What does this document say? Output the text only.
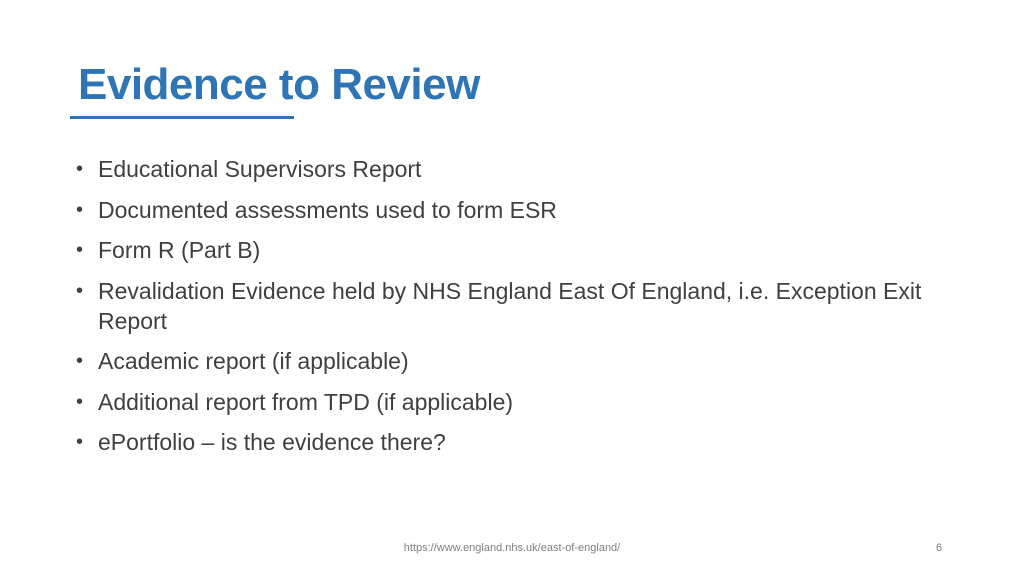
Evidence to Review
• Educational Supervisors Report
• Documented assessments used to form ESR
• Form R (Part B)
• Revalidation Evidence held by NHS England East Of England, i.e. Exception Exit Report
• Academic report (if applicable)
• Additional report from TPD (if applicable)
• ePortfolio – is the evidence there?
https://www.england.nhs.uk/east-of-england/	6
